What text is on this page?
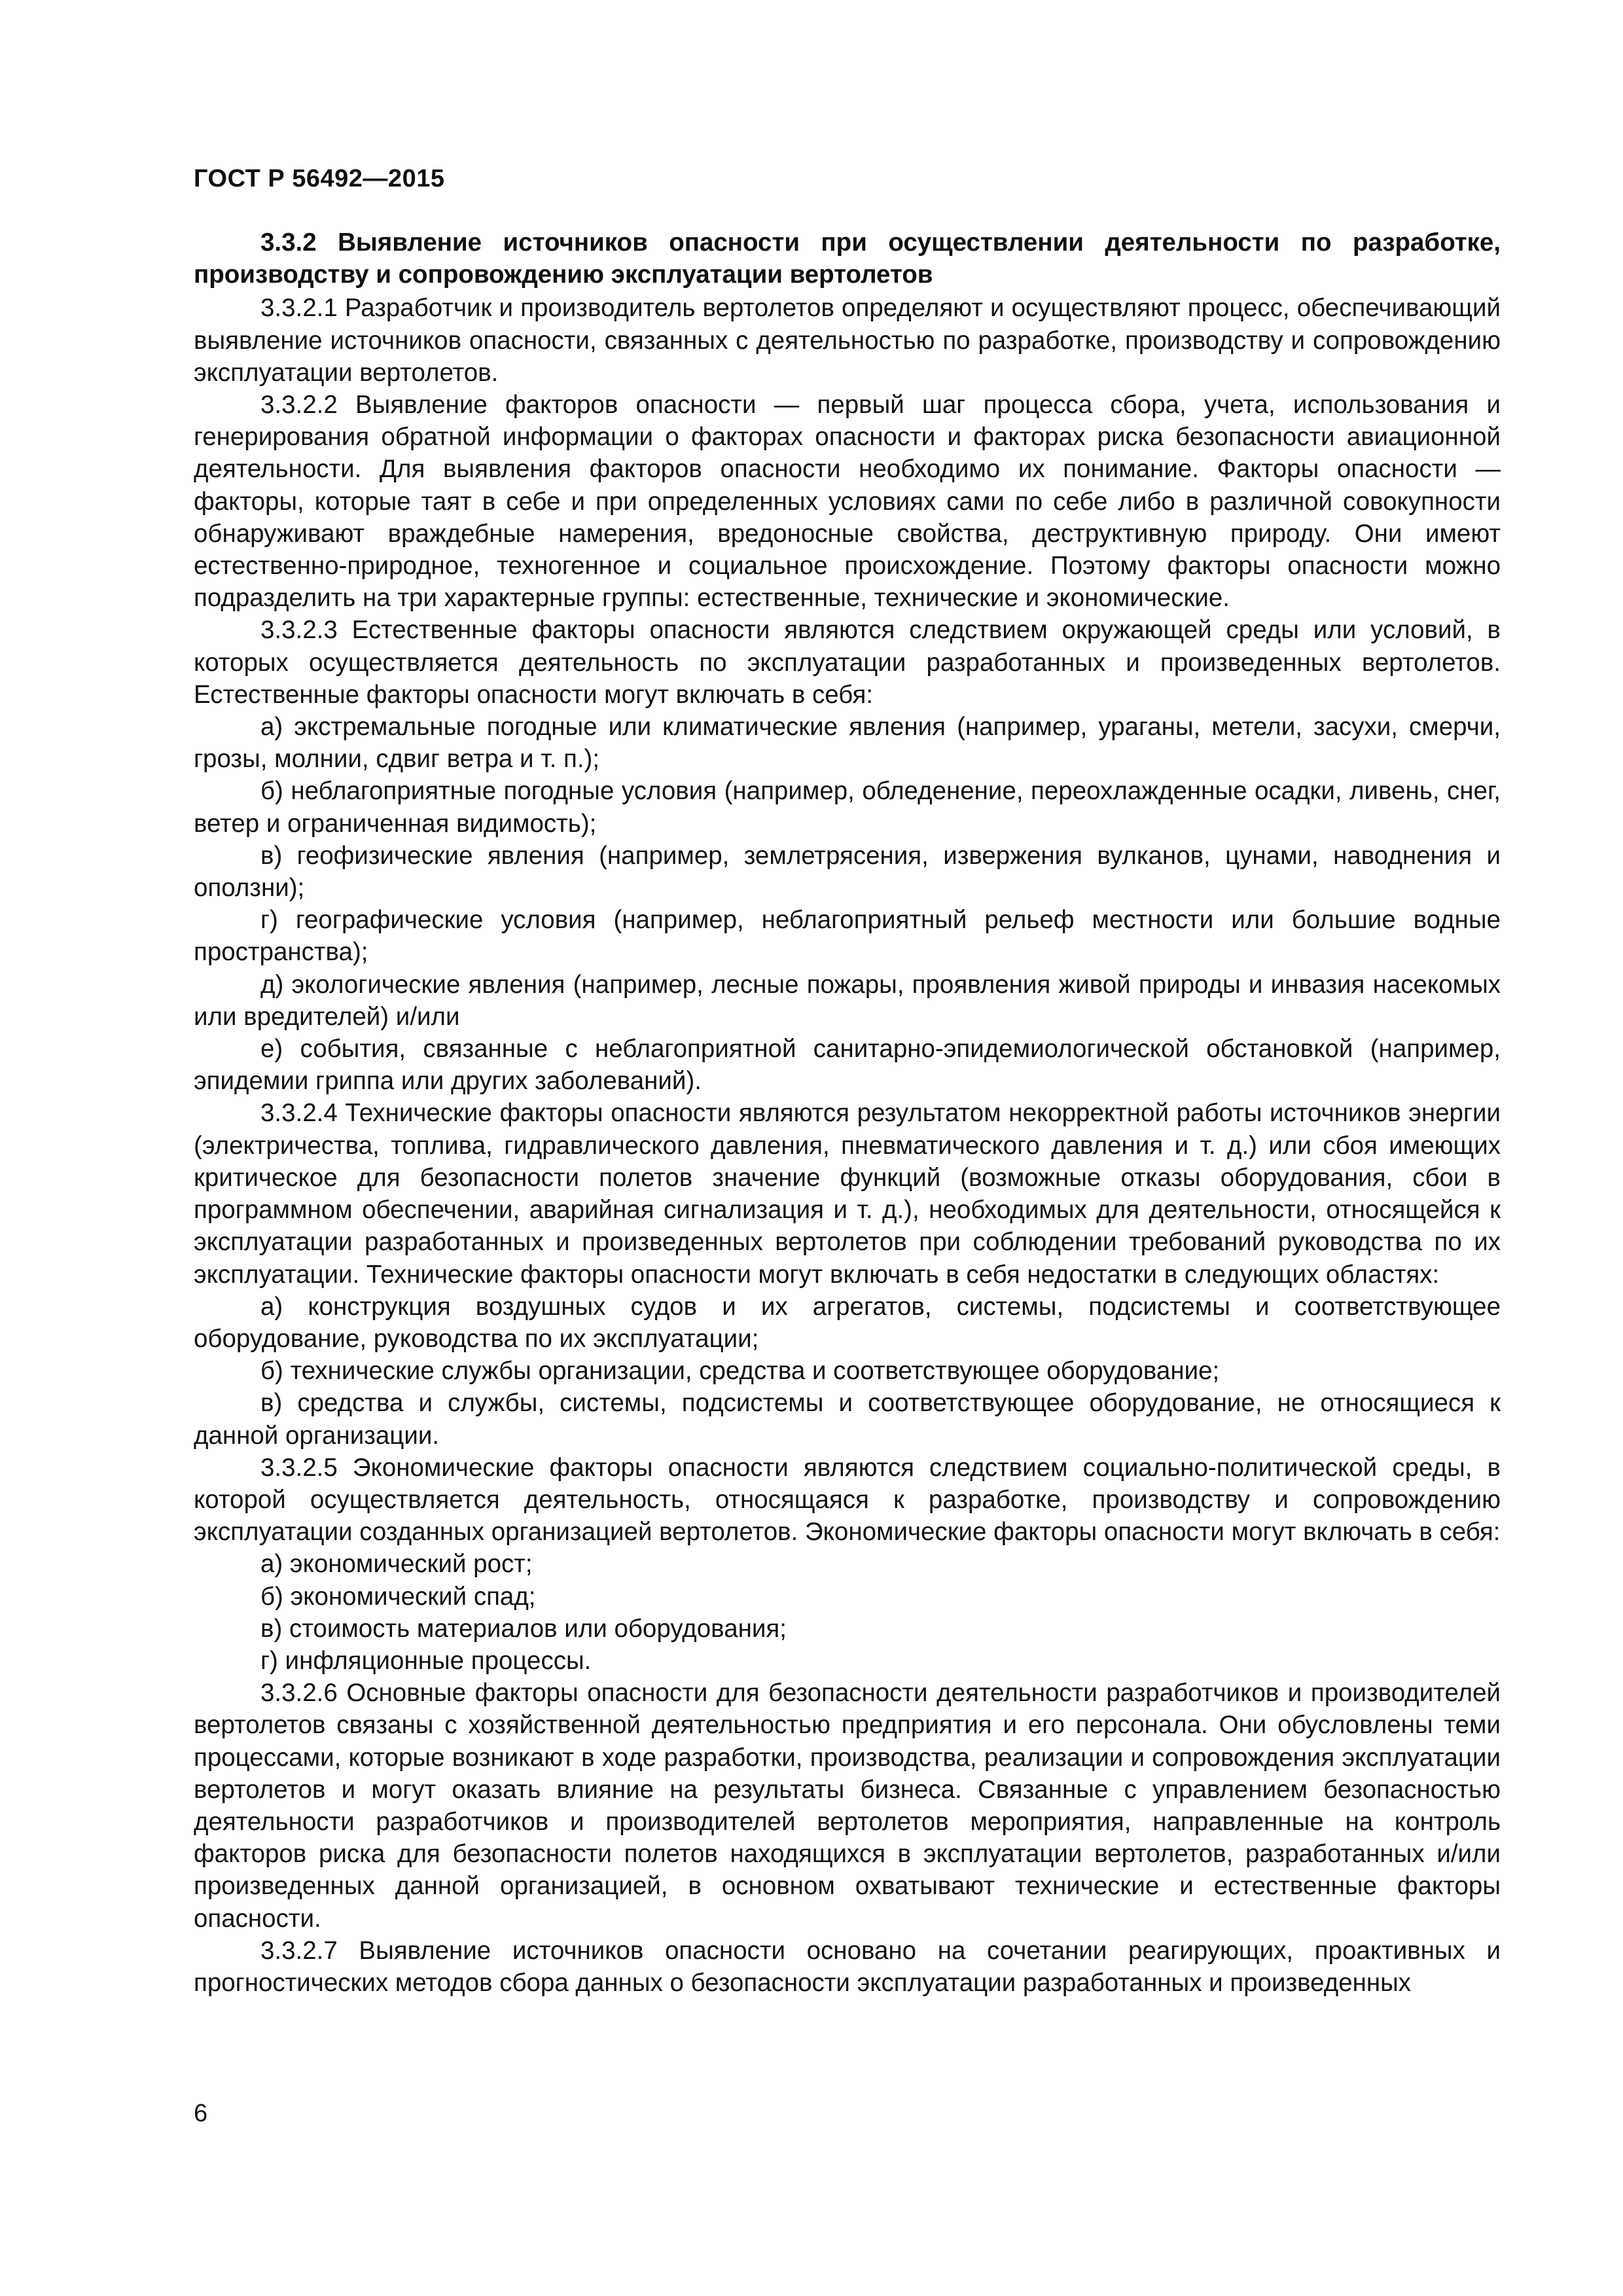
ГОСТ Р 56492—2015

3.3.2 Выявление источников опасности при осуществлении деятельности по разработке, производству и сопровождению эксплуатации вертолетов

3.3.2.1 Разработчик и производитель вертолетов определяют и осуществляют процесс, обеспечивающий выявление источников опасности, связанных с деятельностью по разработке, производству и сопровождению эксплуатации вертолетов.

3.3.2.2 Выявление факторов опасности — первый шаг процесса сбора, учета, использования и генерирования обратной информации о факторах опасности и факторах риска безопасности авиационной деятельности. Для выявления факторов опасности необходимо их понимание. Факторы опасности — факторы, которые таят в себе и при определенных условиях сами по себе либо в различной совокупности обнаруживают враждебные намерения, вредоносные свойства, деструктивную природу. Они имеют естественно-природное, техногенное и социальное происхождение. Поэтому факторы опасности можно подразделить на три характерные группы: естественные, технические и экономические.

3.3.2.3 Естественные факторы опасности являются следствием окружающей среды или условий, в которых осуществляется деятельность по эксплуатации разработанных и произведенных вертолетов. Естественные факторы опасности могут включать в себя:

а) экстремальные погодные или климатические явления (например, ураганы, метели, засухи, смерчи, грозы, молнии, сдвиг ветра и т. п.);

б) неблагоприятные погодные условия (например, обледенение, переохлажденные осадки, ливень, снег, ветер и ограниченная видимость);

в) геофизические явления (например, землетрясения, извержения вулканов, цунами, наводнения и оползни);

г) географические условия (например, неблагоприятный рельеф местности или большие водные пространства);

д) экологические явления (например, лесные пожары, проявления живой природы и инвазия насекомых или вредителей) и/или

е) события, связанные с неблагоприятной санитарно-эпидемиологической обстановкой (например, эпидемии гриппа или других заболеваний).

3.3.2.4 Технические факторы опасности являются результатом некорректной работы источников энергии (электричества, топлива, гидравлического давления, пневматического давления и т. д.) или сбоя имеющих критическое для безопасности полетов значение функций (возможные отказы оборудования, сбои в программном обеспечении, аварийная сигнализация и т. д.), необходимых для деятельности, относящейся к эксплуатации разработанных и произведенных вертолетов при соблюдении требований руководства по их эксплуатации. Технические факторы опасности могут включать в себя недостатки в следующих областях:

а) конструкция воздушных судов и их агрегатов, системы, подсистемы и соответствующее оборудование, руководства по их эксплуатации;

б) технические службы организации, средства и соответствующее оборудование;

в) средства и службы, системы, подсистемы и соответствующее оборудование, не относящиеся к данной организации.

3.3.2.5 Экономические факторы опасности являются следствием социально-политической среды, в которой осуществляется деятельность, относящаяся к разработке, производству и сопровождению эксплуатации созданных организацией вертолетов. Экономические факторы опасности могут включать в себя:

а) экономический рост;

б) экономический спад;

в) стоимость материалов или оборудования;

г) инфляционные процессы.

3.3.2.6 Основные факторы опасности для безопасности деятельности разработчиков и производителей вертолетов связаны с хозяйственной деятельностью предприятия и его персонала. Они обусловлены теми процессами, которые возникают в ходе разработки, производства, реализации и сопровождения эксплуатации вертолетов и могут оказать влияние на результаты бизнеса. Связанные с управлением безопасностью деятельности разработчиков и производителей вертолетов мероприятия, направленные на контроль факторов риска для безопасности полетов находящихся в эксплуатации вертолетов, разработанных и/или произведенных данной организацией, в основном охватывают технические и естественные факторы опасности.

3.3.2.7 Выявление источников опасности основано на сочетании реагирующих, проактивных и прогностических методов сбора данных о безопасности эксплуатации разработанных и произведенных

6
